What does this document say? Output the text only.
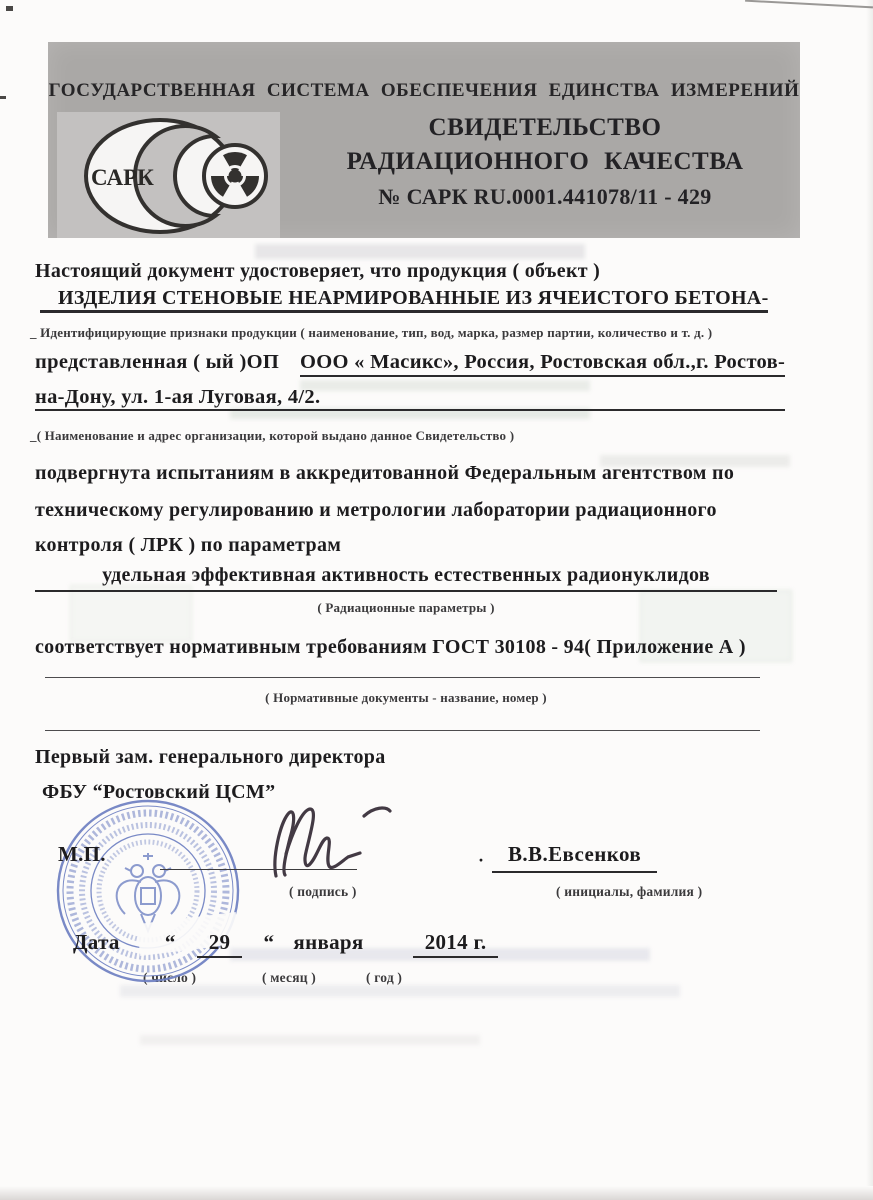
ГОСУДАРСТВЕННАЯ СИСТЕМА ОБЕСПЕЧЕНИЯ ЕДИНСТВА ИЗМЕРЕНИЙ
САРК
СВИДЕТЕЛЬСТВО
РАДИАЦИОННОГО КАЧЕСТВА
№ САРК RU.0001.441078/11 - 429
Настоящий документ удостоверяет, что продукция ( объект )
ИЗДЕЛИЯ СТЕНОВЫЕ НЕАРМИРОВАННЫЕ ИЗ ЯЧЕИСТОГО БЕТОНА -
_ Идентифицирующие признаки продукции ( наименование, тип, вод, марка, размер партии, количество и т. д. )
представленная ( ый )ОП ООО « Масикс», Россия, Ростовская обл.,г. Ростов-
на-Дону, ул. 1-ая Луговая, 4/2.
_( Наименование и адрес организации, которой выдано данное Свидетельство )
подвергнута испытаниям в аккредитованной Федеральным агентством по
техническому регулированию и метрологии лаборатории радиационного
контроля ( ЛРК ) по параметрам
удельная эффективная активность естественных радионуклидов
( Радиационные параметры )
соответствует нормативным требованиям ГОСТ 30108 - 94( Приложение А )
( Нормативные документы - название, номер )
Первый зам. генерального директора
ФБУ “Ростовский ЦСМ”
М.П.	·	В.В.Евсенков
( подпись )	( инициалы, фамилия )
Дата “ 29 “ января	2014 г.
( число )	( месяц )	( год )
